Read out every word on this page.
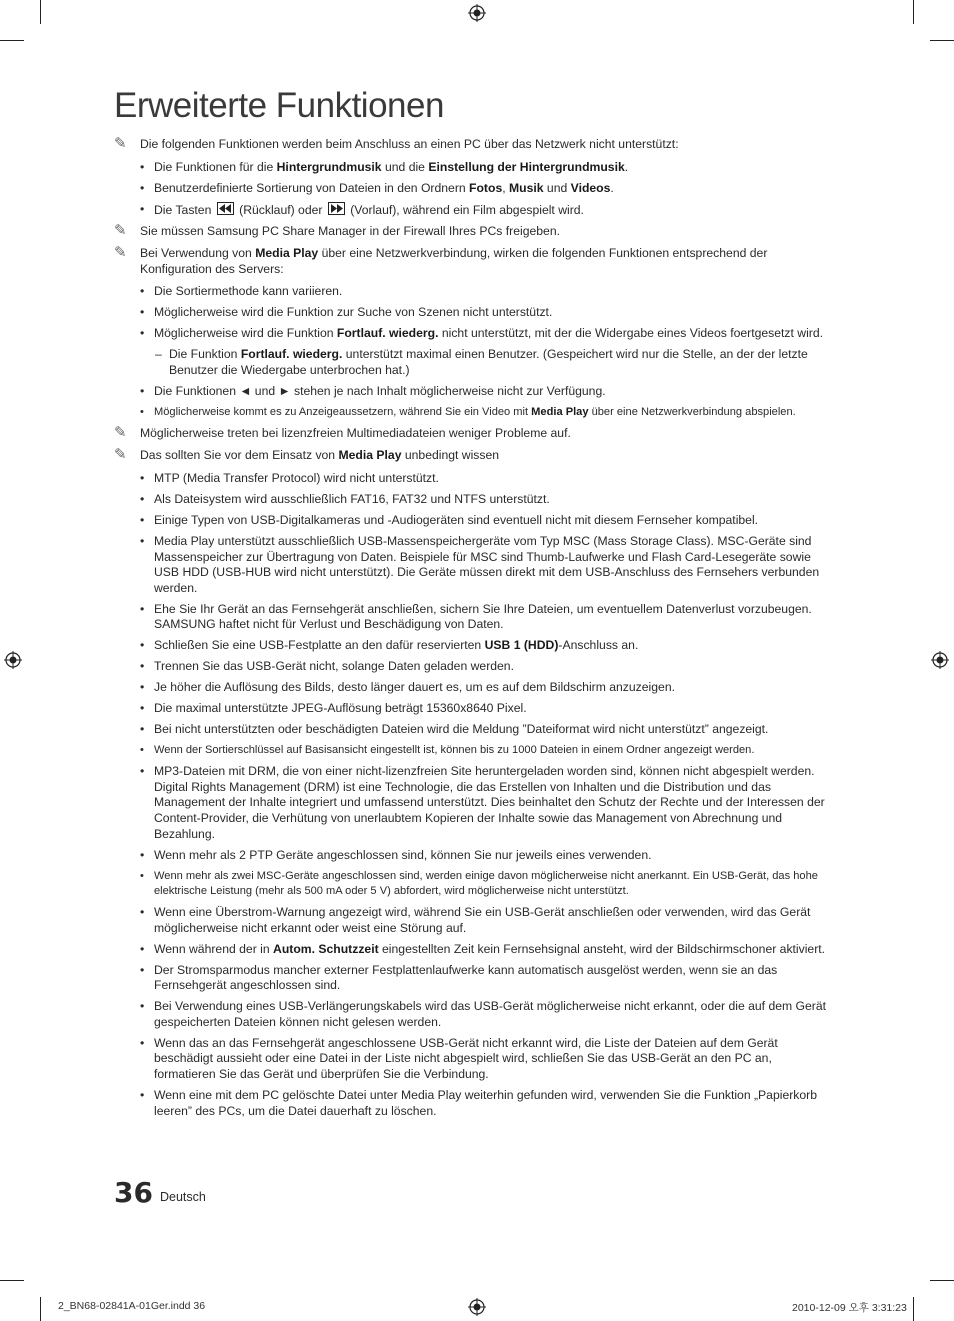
Erweiterte Funktionen
✎ Die folgenden Funktionen werden beim Anschluss an einen PC über das Netzwerk nicht unterstützt:
• Die Funktionen für die Hintergrundmusik und die Einstellung der Hintergrundmusik.
• Benutzerdefinierte Sortierung von Dateien in den Ordnern Fotos, Musik und Videos.
• Die Tasten
(Rücklauf) oder
(Vorlauf), während ein Film abgespielt wird.
✎ Sie müssen Samsung PC Share Manager in der Firewall Ihres PCs freigeben.
✎ Bei Verwendung von Media Play über eine Netzwerkverbindung, wirken die folgenden Funktionen entsprechend der Konfiguration des Servers:
• Die Sortiermethode kann variieren.
• Möglicherweise wird die Funktion zur Suche von Szenen nicht unterstützt.
• Möglicherweise wird die Funktion Fortlauf. wiederg. nicht unterstützt, mit der die Widergabe eines Videos foertgesetzt wird.
– Die Funktion Fortlauf. wiederg. unterstützt maximal einen Benutzer. (Gespeichert wird nur die Stelle, an der der letzte Benutzer die Wiedergabe unterbrochen hat.)
• Die Funktionen ◄ und ► stehen je nach Inhalt möglicherweise nicht zur Verfügung.
• Möglicherweise kommt es zu Anzeigeaussetzern, während Sie ein Video mit Media Play über eine Netzwerkverbindung abspielen.
✎ Möglicherweise treten bei lizenzfreien Multimediadateien weniger Probleme auf.
✎ Das sollten Sie vor dem Einsatz von Media Play unbedingt wissen
• MTP (Media Transfer Protocol) wird nicht unterstützt.
• Als Dateisystem wird ausschließlich FAT16, FAT32 und NTFS unterstützt.
• Einige Typen von USB-Digitalkameras und -Audiogeräten sind eventuell nicht mit diesem Fernseher kompatibel.
• Media Play unterstützt ausschließlich USB-Massenspeichergeräte vom Typ MSC (Mass Storage Class). MSC-Geräte sind Massenspeicher zur Übertragung von Daten. Beispiele für MSC sind Thumb-Laufwerke und Flash Card-Lesegeräte sowie USB HDD (USB-HUB wird nicht unterstützt). Die Geräte müssen direkt mit dem USB-Anschluss des Fernsehers verbunden werden.
• Ehe Sie Ihr Gerät an das Fernsehgerät anschließen, sichern Sie Ihre Dateien, um eventuellem Datenverlust vorzubeugen. SAMSUNG haftet nicht für Verlust und Beschädigung von Daten.
• Schließen Sie eine USB-Festplatte an den dafür reservierten USB 1 (HDD)-Anschluss an.
• Trennen Sie das USB-Gerät nicht, solange Daten geladen werden.
• Je höher die Auflösung des Bilds, desto länger dauert es, um es auf dem Bildschirm anzuzeigen.
• Die maximal unterstützte JPEG-Auflösung beträgt 15360x8640 Pixel.
• Bei nicht unterstützten oder beschädigten Dateien wird die Meldung ”Dateiformat wird nicht unterstützt” angezeigt.
• Wenn der Sortierschlüssel auf Basisansicht eingestellt ist, können bis zu 1000 Dateien in einem Ordner angezeigt werden.
• MP3-Dateien mit DRM, die von einer nicht-lizenzfreien Site heruntergeladen worden sind, können nicht abgespielt werden. Digital Rights Management (DRM) ist eine Technologie, die das Erstellen von Inhalten und die Distribution und das Management der Inhalte integriert und umfassend unterstützt. Dies beinhaltet den Schutz der Rechte und der Interessen der Content-Provider, die Verhütung von unerlaubtem Kopieren der Inhalte sowie das Management von Abrechnung und Bezahlung.
• Wenn mehr als 2 PTP Geräte angeschlossen sind, können Sie nur jeweils eines verwenden.
• Wenn mehr als zwei MSC-Geräte angeschlossen sind, werden einige davon möglicherweise nicht anerkannt. Ein USB-Gerät, das hohe elektrische Leistung (mehr als 500 mA oder 5 V) abfordert, wird möglicherweise nicht unterstützt.
• Wenn eine Überstrom-Warnung angezeigt wird, während Sie ein USB-Gerät anschließen oder verwenden, wird das Gerät möglicherweise nicht erkannt oder weist eine Störung auf.
• Wenn während der in Autom. Schutzzeit eingestellten Zeit kein Fernsehsignal ansteht, wird der Bildschirmschoner aktiviert.
• Der Stromsparmodus mancher externer Festplattenlaufwerke kann automatisch ausgelöst werden, wenn sie an das Fernsehgerät angeschlossen sind.
• Bei Verwendung eines USB-Verlängerungskabels wird das USB-Gerät möglicherweise nicht erkannt, oder die auf dem Gerät gespeicherten Dateien können nicht gelesen werden.
• Wenn das an das Fernsehgerät angeschlossene USB-Gerät nicht erkannt wird, die Liste der Dateien auf dem Gerät beschädigt aussieht oder eine Datei in der Liste nicht abgespielt wird, schließen Sie das USB-Gerät an den PC an, formatieren Sie das Gerät und überprüfen Sie die Verbindung.
• Wenn eine mit dem PC gelöschte Datei unter Media Play weiterhin gefunden wird, verwenden Sie die Funktion „Papierkorb leeren” des PCs, um die Datei dauerhaft zu löschen.

36 Deutsch
2_BN68-02841A-01Ger.indd 36	2010-12-09 오후 3:31:23
